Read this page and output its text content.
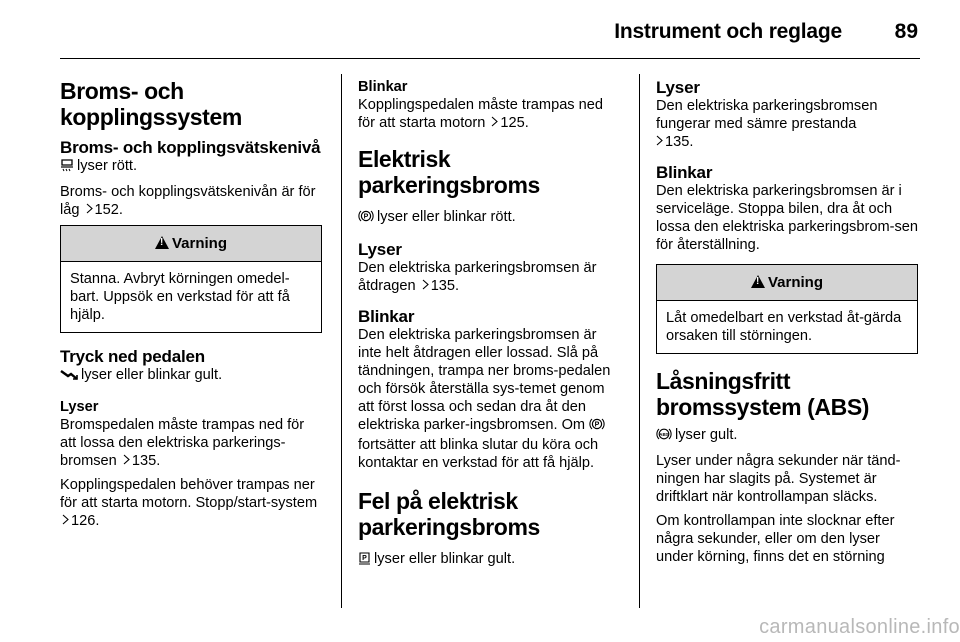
Instrument och reglage	89
Broms- och kopplingssystem
Broms- och kopplingsvätskenivå

lyser rött.

Broms- och kopplingsvätskenivån är för låg 152.

!Varning
Stanna. Avbryt körningen omedel-bart. Uppsök en verkstad för att få hjälp.
Tryck ned pedalen

lyser eller blinkar gult.

Lyser

Bromspedalen måste trampas ned för att lossa den elektriska parkerings-bromsen 135.

Kopplingspedalen behöver trampas ner för att starta motorn. Stopp/start-system 126.

Blinkar

Kopplingspedalen måste trampas ned för att starta motorn 125.

Elektrisk parkeringsbroms

P lyser eller blinkar rött.

Lyser

Den elektriska parkeringsbromsen är åtdragen 135.

Blinkar

Den elektriska parkeringsbromsen är inte helt åtdragen eller lossad. Slå på tändningen, trampa ner broms-pedalen och försök återställa sys-temet genom att först lossa och sedan dra åt den elektriska parker-ingsbromsen. Om P
fortsätter att blinka slutar du köra och kontaktar en verkstad för att få hjälp.

Fel på elektrisk parkeringsbroms

P lyser eller blinkar gult.

Lyser

Den elektriska parkeringsbromsen fungerar med sämre prestanda
135.

Blinkar

Den elektriska parkeringsbromsen är i serviceläge. Stoppa bilen, dra åt och lossa den elektriska parkeringsbrom-sen för återställning.

!Varning
Låt omedelbart en verkstad åt-gärda orsaken till störningen.
Låsningsfritt bromssystem (ABS)

ABS lyser gult.

Lyser under några sekunder när tänd-ningen har slagits på. Systemet är driftklart när kontrollampan släcks.

Om kontrollampan inte slocknar efter några sekunder, eller om den lyser under körning, finns det en störning

carmanualsonline.info
